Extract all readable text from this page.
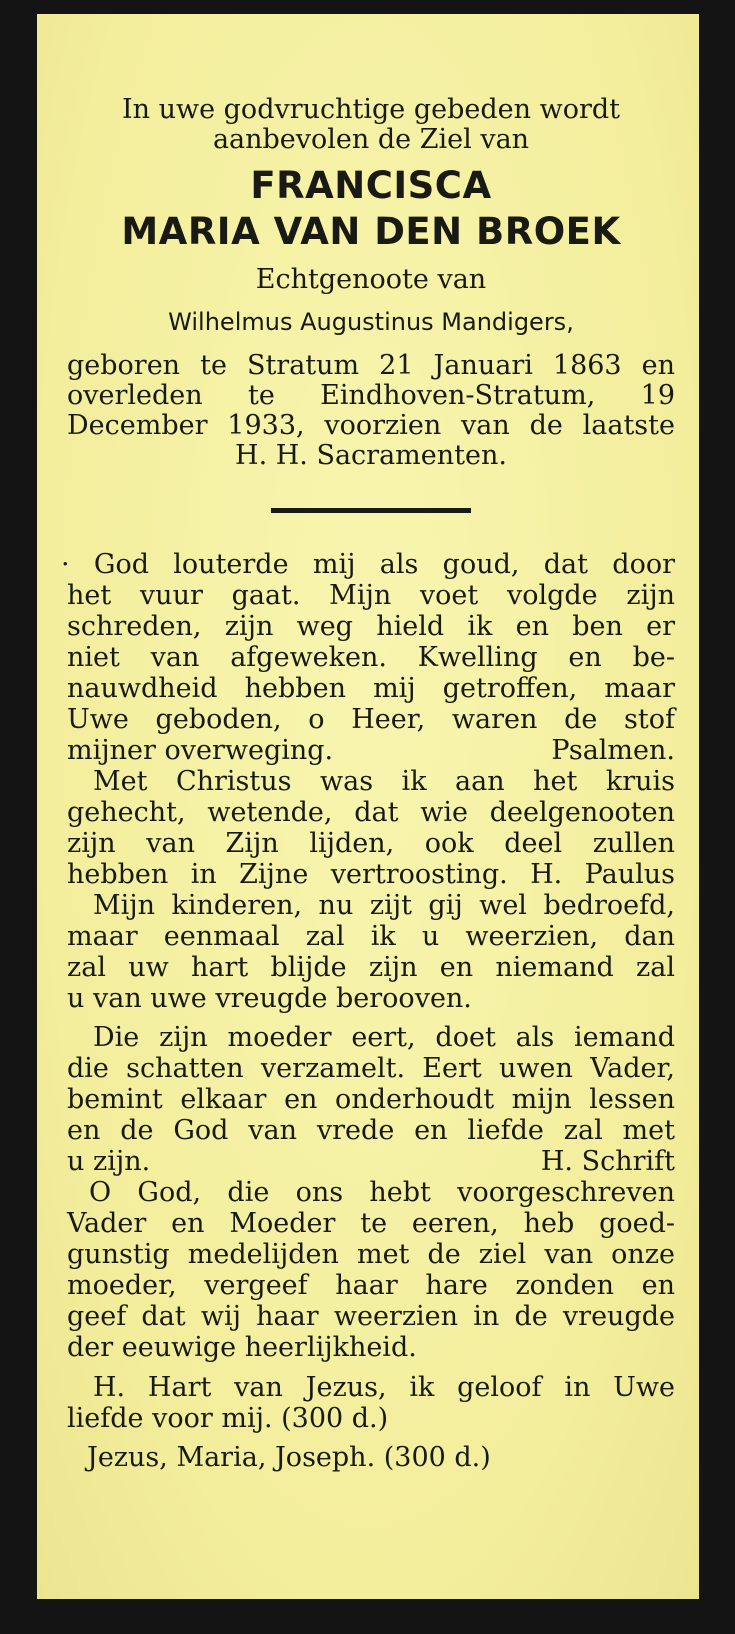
In uwe godvruchtige gebeden wordt
aanbevolen de Ziel van
FRANCISCA
MARIA VAN DEN BROEK
Echtgenoote van
Wilhelmus Augustinus Mandigers,
geboren te Stratum 21 Januari 1863 en
overleden te Eindhoven-Stratum, 19
December 1933, voorzien van de laatste
H. H. Sacramenten.
· God louterde mij als goud, dat door
het vuur gaat. Mijn voet volgde zijn
schreden, zijn weg hield ik en ben er
niet van afgeweken. Kwelling en be-
nauwdheid hebben mij getroffen, maar
Uwe geboden, o Heer, waren de stof
mijner overweging.	Psalmen.
Met Christus was ik aan het kruis
gehecht, wetende, dat wie deelgenooten
zijn van Zijn lijden, ook deel zullen
hebben in Zijne vertroosting. H. Paulus
Mijn kinderen, nu zijt gij wel bedroefd,
maar eenmaal zal ik u weerzien, dan
zal uw hart blijde zijn en niemand zal
u van uwe vreugde berooven.
Die zijn moeder eert, doet als iemand
die schatten verzamelt. Eert uwen Vader,
bemint elkaar en onderhoudt mijn lessen
en de God van vrede en liefde zal met
u zijn.	H. Schrift
O God, die ons hebt voorgeschreven
Vader en Moeder te eeren, heb goed-
gunstig medelijden met de ziel van onze
moeder, vergeef haar hare zonden en
geef dat wij haar weerzien in de vreugde
der eeuwige heerlijkheid.
H. Hart van Jezus, ik geloof in Uwe
liefde voor mij. (300 d.)
Jezus, Maria, Joseph. (300 d.)
